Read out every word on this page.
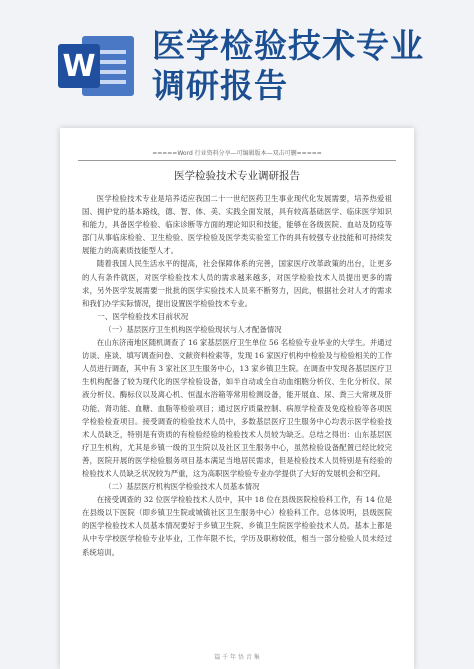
W
医学检验技术专业
调研报告
=====Word 行业资料分享—可编辑版本—双击可删=====
医学检验技术专业调研报告

医学检验技术专业是培养适应我国二十一世纪医药卫生事业现代化发展需要，培养热爱祖国、拥护党的基本路线，德、智、体、美、实践全面发展，具有较高基础医学、临床医学知识和能力，具备医学检验、临床诊断等方面的理论知识和技能，能够在各级医院、血站及防疫等部门从事临床检验、卫生检验、医学检验及医学类实验室工作的具有较强专业技能和可持续发展能力的高素质技能型人才。

随着我国人民生活水平的提高，社会保障体系的完善，国家医疗改革政策的出台，让更多的人有条件就医，对医学检验技术人员的需求越来越多，对医学检验技术人员提出更多的需求，另外医学发展需要一批批的医学实验技术人员来不断努力，因此，根据社会对人才的需求和我们办学实际情况，提出设置医学检验技术专业。

一、医学检验技术目前状况
（一）基层医疗卫生机构医学检验现状与人才配备情况

在山东济南地区随机调查了 16 家基层医疗卫生单位 56 名检验专业毕业的大学生。并通过访谈、座谈、填写调查问卷、文献资料检索等，发现 16 家医疗机构中检验及与检验相关的工作人员进行调查，其中有 3 家社区卫生服务中心，13 家乡镇卫生院。在调查中发现各基层医疗卫生机构配备了较为现代化的医学检验设备，如半自动或全自动血细胞分析仪、生化分析仪、尿液分析仪、酶标仪以及离心机、恒温水浴箱等常用检测设备，能开展血、尿、粪三大常规及肝功能、肾功能、血糖、血脂等检验项目；通过医疗质量控制、病原学检查及免疫检验等各项医学检验检查项目。接受调查的检验技术人员中，多数基层医疗卫生服务中心均表示医学检验技术人员缺乏，特别是有资质的有检验经验的检验技术人员较为缺乏。总结之得出：山东基层医疗卫生机构，尤其是乡镇一级的卫生院以及社区卫生服务中心，虽然检验设备配置已经比较完善，医院开展的医学检验服务项目基本满足当地居民需求，但是检验技术人员特别是有经验的检验技术人员缺乏状况较为严重，这为高职医学检验专业办学提供了大好的发展机会和空间。

（二）基层医疗机构医学检验技术人员基本情况

在接受调查的 32 位医学检验技术人员中，其中 18 位在县级医院检验科工作，有 14 位是在县级以下医院（即乡镇卫生院或城镇社区卫生服务中心）检验科工作。总体说明，县级医院的医学检验技术人员基本情况要好于乡镇卫生院、乡镇卫生院医学检验技术人员。基本上都是从中专学校医学检验专业毕业，工作年限不长，学历及职称较低，相当一部分检验人员未经过系统培训。

篇 千 年 悟 音 集
